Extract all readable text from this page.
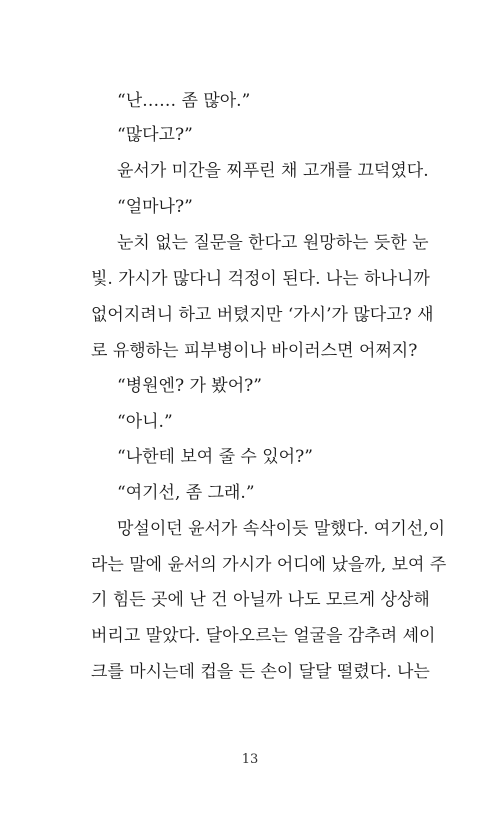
“난…… 좀 많아.”
“많다고?”
윤서가 미간을 찌푸린 채 고개를 끄덕였다.
“얼마나?”
눈치 없는 질문을 한다고 원망하는 듯한 눈
빛. 가시가 많다니 걱정이 된다. 나는 하나니까
없어지려니 하고 버텼지만 ‘가시’가 많다고? 새
로 유행하는 피부병이나 바이러스면 어쩌지?
“병원엔? 가 봤어?”
“아니.”
“나한테 보여 줄 수 있어?”
“여기선, 좀 그래.”
망설이던 윤서가 속삭이듯 말했다. 여기선,이
라는 말에 윤서의 가시가 어디에 났을까, 보여 주
기 힘든 곳에 난 건 아닐까 나도 모르게 상상해
버리고 말았다. 달아오르는 얼굴을 감추려 셰이
크를 마시는데 컵을 든 손이 달달 떨렸다. 나는
13
